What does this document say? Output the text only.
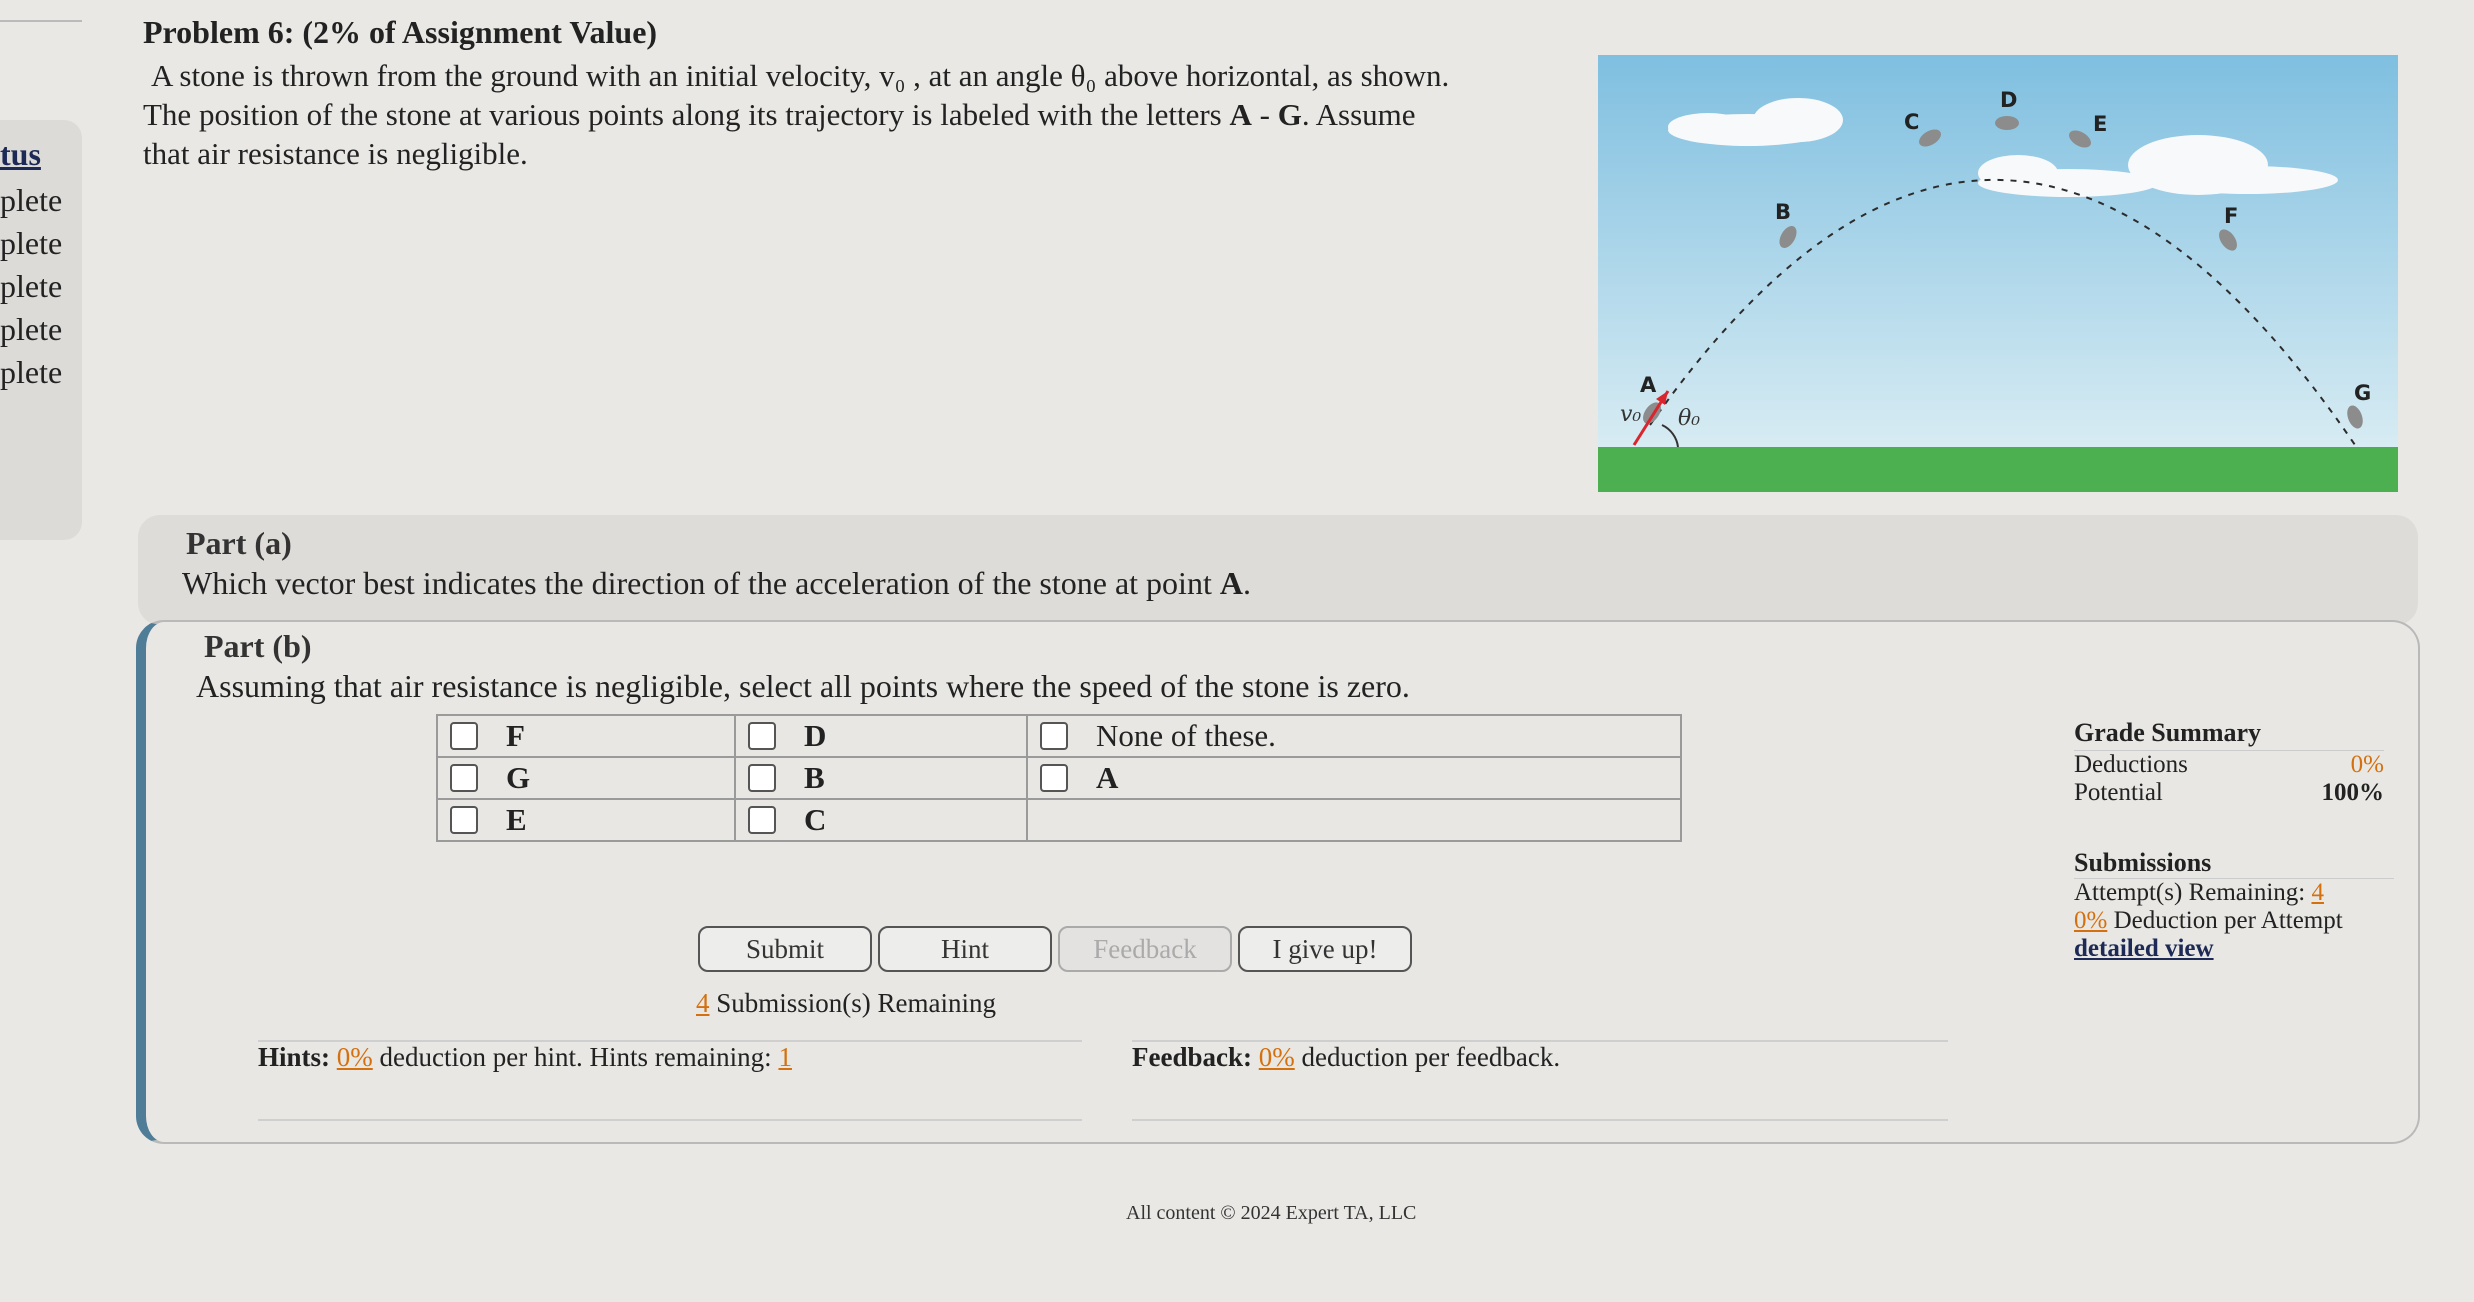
tus
plete
plete
plete
plete
plete
Problem 6: (2% of Assignment Value)

A stone is thrown from the ground with an initial velocity, v₀ , at an angle θ₀ above horizontal, as shown.

The position of the stone at various points along its trajectory is labeled with the letters A - G. Assume

that air resistance is negligible.

A
B
C
D
E
F
G
v₀ θ₀
Part (a)
Which vector best indicates the direction of the acceleration of the stone at point A.
Part (b)
Assuming that air resistance is negligible, select all points where the speed of the stone is zero.
F	D	None of these.

G	B	A

E	C	

Submit	Hint	Feedback	I give up!
4 Submission(s) Remaining
Hints: 0% deduction per hint. Hints remaining: 1	Feedback: 0% deduction per feedback.
Grade Summary
Deductions	0%
Potential	100%
Submissions
Attempt(s) Remaining: 4
0% Deduction per Attempt
detailed view
All content © 2024 Expert TA, LLC
